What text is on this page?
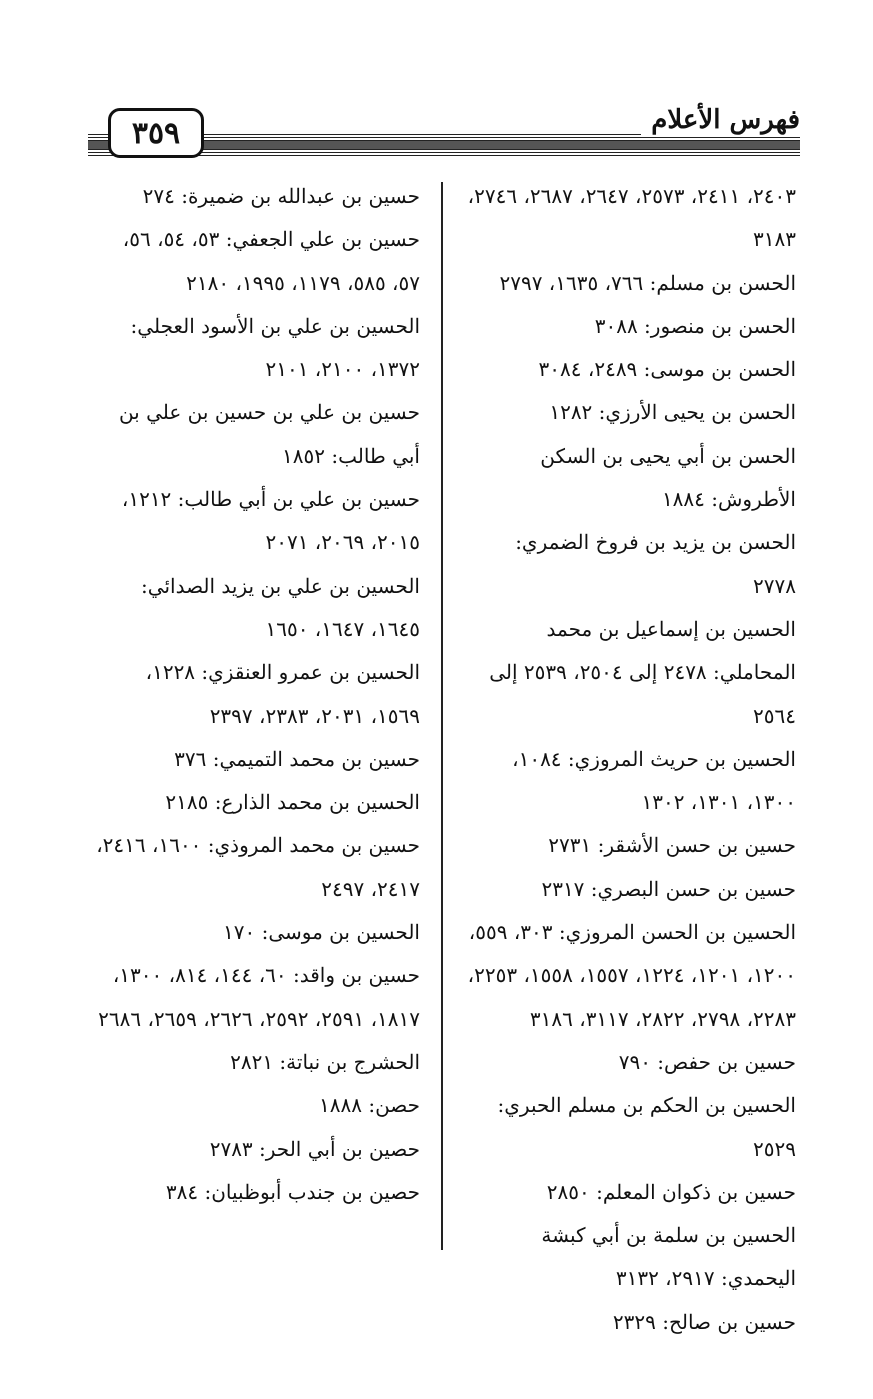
٣٥٩	فهرس الأعلام

٢٤٠٣، ٢٤١١، ٢٥٧٣، ٢٦٤٧، ٢٦٨٧، ٢٧٤٦، ٣١٨٣

الحسن بن مسلم: ٧٦٦، ١٦٣٥، ٢٧٩٧

الحسن بن منصور: ٣٠٨٨

الحسن بن موسى: ٢٤٨٩، ٣٠٨٤

الحسن بن يحيى الأرزي: ١٢٨٢

الحسن بن أبي يحيى بن السكن الأطروش: ١٨٨٤

الحسن بن يزيد بن فروخ الضمري: ٢٧٧٨

الحسين بن إسماعيل بن محمد المحاملي: ٢٤٧٨ إلى ٢٥٠٤، ٢٥٣٩ إلى ٢٥٦٤

الحسين بن حريث المروزي: ١٠٨٤، ١٣٠٠، ١٣٠١، ١٣٠٢

حسين بن حسن الأشقر: ٢٧٣١

حسين بن حسن البصري: ٢٣١٧

الحسين بن الحسن المروزي: ٣٠٣، ٥٥٩، ١٢٠٠، ١٢٠١، ١٢٢٤، ١٥٥٧، ١٥٥٨، ٢٢٥٣، ٢٢٨٣، ٢٧٩٨، ٢٨٢٢، ٣١١٧، ٣١٨٦

حسين بن حفص: ٧٩٠

الحسين بن الحكم بن مسلم الحبري: ٢٥٢٩

حسين بن ذكوان المعلم: ٢٨٥٠

الحسين بن سلمة بن أبي كبشة اليحمدي: ٢٩١٧، ٣١٣٢

حسين بن صالح: ٢٣٢٩

حسين بن عبدالله بن ضميرة: ٢٧٤

حسين بن علي الجعفي: ٥٣، ٥٤، ٥٦، ٥٧، ٥٨٥، ١١٧٩، ١٩٩٥، ٢١٨٠

الحسين بن علي بن الأسود العجلي: ١٣٧٢، ٢١٠٠، ٢١٠١

حسين بن علي بن حسين بن علي بن أبي طالب: ١٨٥٢

حسين بن علي بن أبي طالب: ١٢١٢، ٢٠١٥، ٢٠٦٩، ٢٠٧١

الحسين بن علي بن يزيد الصدائي: ١٦٤٥، ١٦٤٧، ١٦٥٠

الحسين بن عمرو العنقزي: ١٢٢٨، ١٥٦٩، ٢٠٣١، ٢٣٨٣، ٢٣٩٧

حسين بن محمد التميمي: ٣٧٦

الحسين بن محمد الذارع: ٢١٨٥

حسين بن محمد المروذي: ١٦٠٠، ٢٤١٦، ٢٤١٧، ٢٤٩٧

الحسين بن موسى: ١٧٠

حسين بن واقد: ٦٠، ١٤٤، ٨١٤، ١٣٠٠، ١٨١٧، ٢٥٩١، ٢٥٩٢، ٢٦٢٦، ٢٦٥٩، ٢٦٨٦

الحشرج بن نباتة: ٢٨٢١

حصن: ١٨٨٨

حصين بن أبي الحر: ٢٧٨٣

حصين بن جندب أبوظبيان: ٣٨٤
